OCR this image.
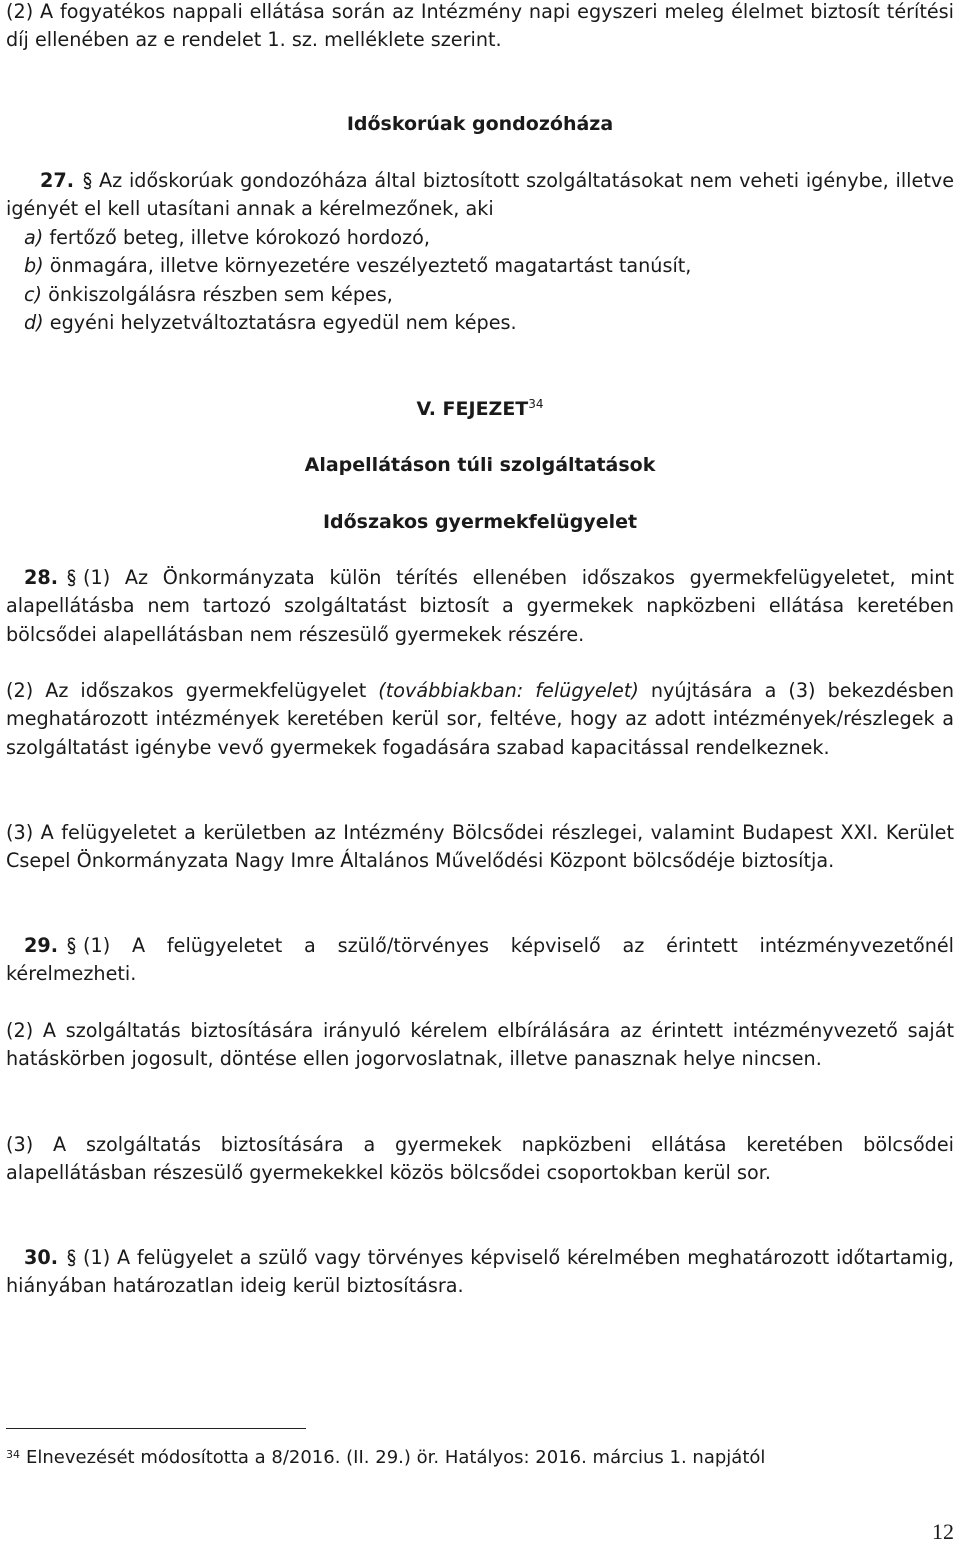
(2) A fogyatékos nappali ellátása során az Intézmény napi egyszeri meleg élelmet biztosít térítési díj ellenében az e rendelet 1. sz. melléklete szerint.

Időskorúak gondozóháza
27. Az időskorúak gondozóháza által biztosított szolgáltatásokat nem veheti igénybe, illetve igényét el kell utasítani annak a kérelmezőnek, aki
a) fertőző beteg, illetve kórokozó hordozó,
b) önmagára, illetve környezetére veszélyeztető magatartást tanúsít,
c) önkiszolgálásra részben sem képes,
d) egyéni helyzetváltoztatásra egyedül nem képes.
V. FEJEZET$^{34}$
Alapellátáson túli szolgáltatások
Időszakos gyermekfelügyelet
28. (1) Az Önkormányzata külön térítés ellenében időszakos gyermekfelügyeletet, mint alapellátásba nem tartozó szolgáltatást biztosít a gyermekek napközbeni ellátása keretében bölcsődei alapellátásban nem részesülő gyermekek részére.
(2) Az időszakos gyermekfelügyelet (továbbiakban: felügyelet) nyújtására a (3) bekezdésben meghatározott intézmények keretében kerül sor, feltéve, hogy az adott intézmények/részlegek a szolgáltatást igénybe vevő gyermekek fogadására szabad kapacitással rendelkeznek.
(3) A felügyeletet a kerületben az Intézmény Bölcsődei részlegei, valamint Budapest XXI. Kerület Csepel Önkormányzata Nagy Imre Általános Művelődési Központ bölcsődéje biztosítja.
29. (1) A felügyeletet a szülő/törvényes képviselő az érintett intézményvezetőnél kérelmezheti.
(2) A szolgáltatás biztosítására irányuló kérelem elbírálására az érintett intézményvezető saját hatáskörben jogosult, döntése ellen jogorvoslatnak, illetve panasznak helye nincsen.
(3) A szolgáltatás biztosítására a gyermekek napközbeni ellátása keretében bölcsődei alapellátásban részesülő gyermekekkel közös bölcsődei csoportokban kerül sor.
30. (1) A felügyelet a szülő vagy törvényes képviselő kérelmében meghatározott időtartamig, hiányában határozatlan ideig kerül biztosításra.
$^{34}$ Elnevezését módosította a 8/2016. (II. 29.) ör. Hatályos: 2016. március 1. napjától
12
